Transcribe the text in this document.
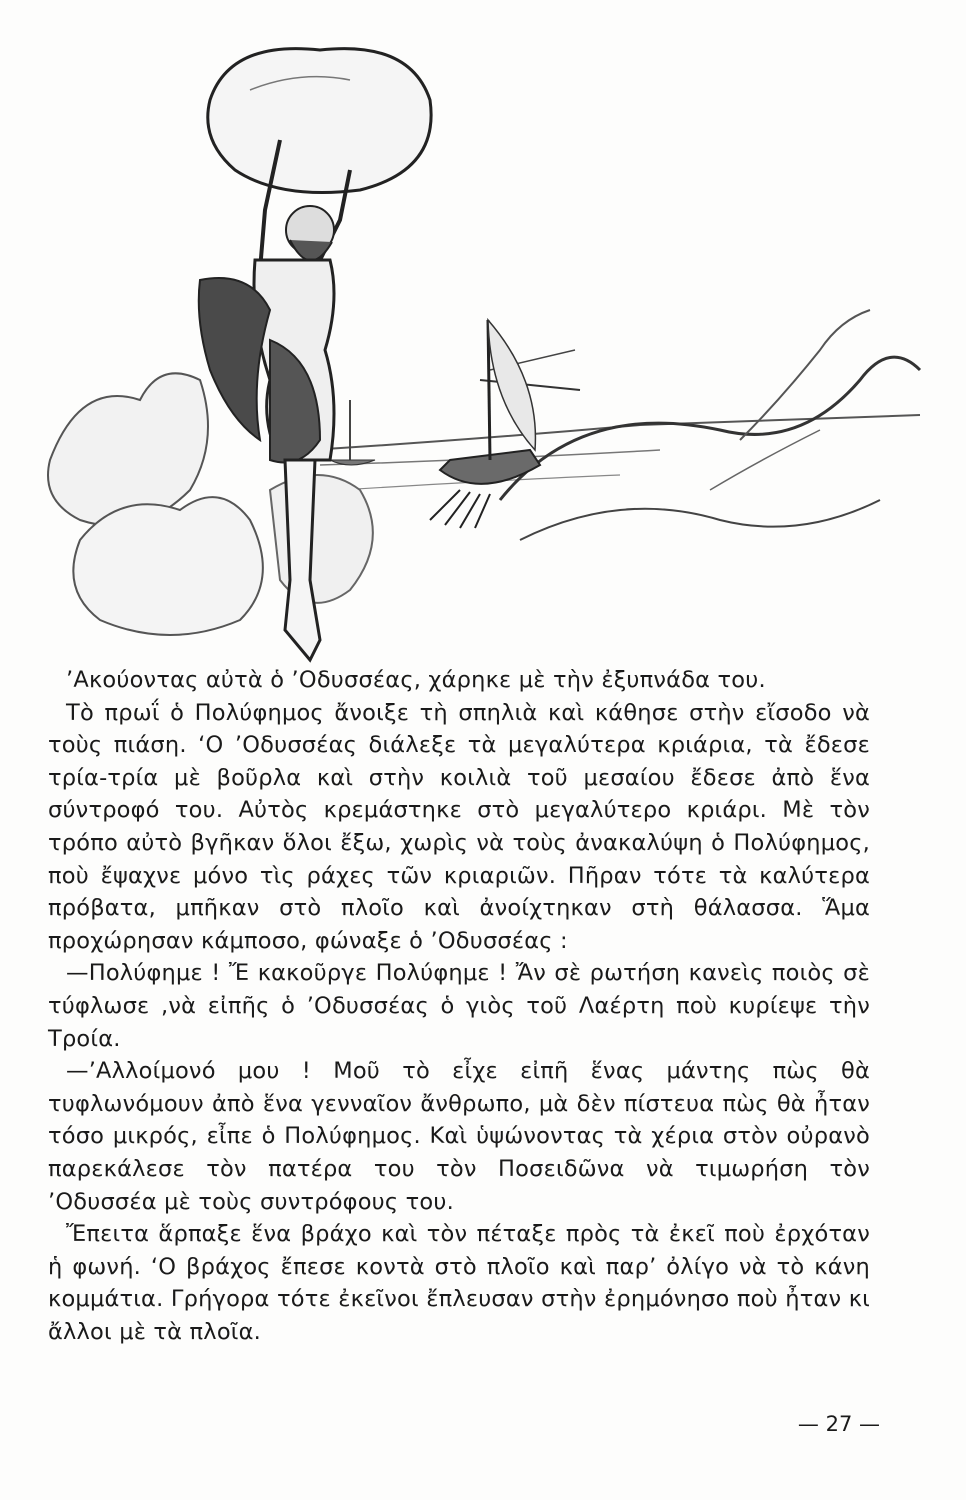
’Ακούοντας αὐτὰ ὁ ’Οδυσσέας, χάρηκε μὲ τὴν ἐξυπνάδα του.

Τὸ πρωΐ ὁ Πολύφημος ἄνοιξε τὴ σπηλιὰ καὶ κάθησε στὴν εἴσοδο νὰ τοὺς πιάση. ‘Ο ’Οδυσσέας διάλεξε τὰ μεγαλύτερα κριάρια, τὰ ἔδεσε τρία-τρία μὲ βοῦρλα καὶ στὴν κοιλιὰ τοῦ μεσαίου ἔδεσε ἀπὸ ἕνα σύντροφό του. Αὐτὸς κρεμάστηκε στὸ μεγαλύτερο κριάρι. Μὲ τὸν τρόπο αὐτὸ βγῆκαν ὅλοι ἔξω, χωρὶς νὰ τοὺς ἀνακαλύψη ὁ Πολύφημος, ποὺ ἔψαχνε μόνο τὶς ράχες τῶν κριαριῶν. Πῆραν τότε τὰ καλύτερα πρόβατα, μπῆκαν στὸ πλοῖο καὶ ἀνοίχτηκαν στὴ θάλασσα. Ἅμα προχώρησαν κάμποσο, φώναξε ὁ ’Οδυσσέας :

—Πολύφημε ! Ἔ κακοῦργε Πολύφημε ! Ἄν σὲ ρωτήση κανεὶς ποιὸς σὲ τύφλωσε ,νὰ εἰπῆς ὁ ’Οδυσσέας ὁ γιὸς τοῦ Λαέρτη ποὺ κυρίεψε τὴν Τροία.

—’Αλλοίμονό μου ! Μοῦ τὸ εἶχε εἰπῆ ἕνας μάντης πὼς θὰ τυφλωνόμουν ἀπὸ ἕνα γενναῖον ἄνθρωπο, μὰ δὲν πίστευα πὼς θὰ ἦταν τόσο μικρός, εἶπε ὁ Πολύφημος. Καὶ ὑψώνοντας τὰ χέρια στὸν οὐρανὸ παρεκάλεσε τὸν πατέρα του τὸν Ποσειδῶνα νὰ τιμωρήση τὸν ’Οδυσσέα μὲ τοὺς συντρόφους του.

Ἔπειτα ἅρπαξε ἕνα βράχο καὶ τὸν πέταξε πρὸς τὰ ἐκεῖ ποὺ ἐρχόταν ἡ φωνή. ‘Ο βράχος ἔπεσε κοντὰ στὸ πλοῖο καὶ παρ’ ὀλίγο νὰ τὸ κάνη κομμάτια. Γρήγορα τότε ἐκεῖνοι ἔπλευσαν στὴν ἐρημόνησο ποὺ ἦταν κι ἄλλοι μὲ τὰ πλοῖα.

— 27 —
